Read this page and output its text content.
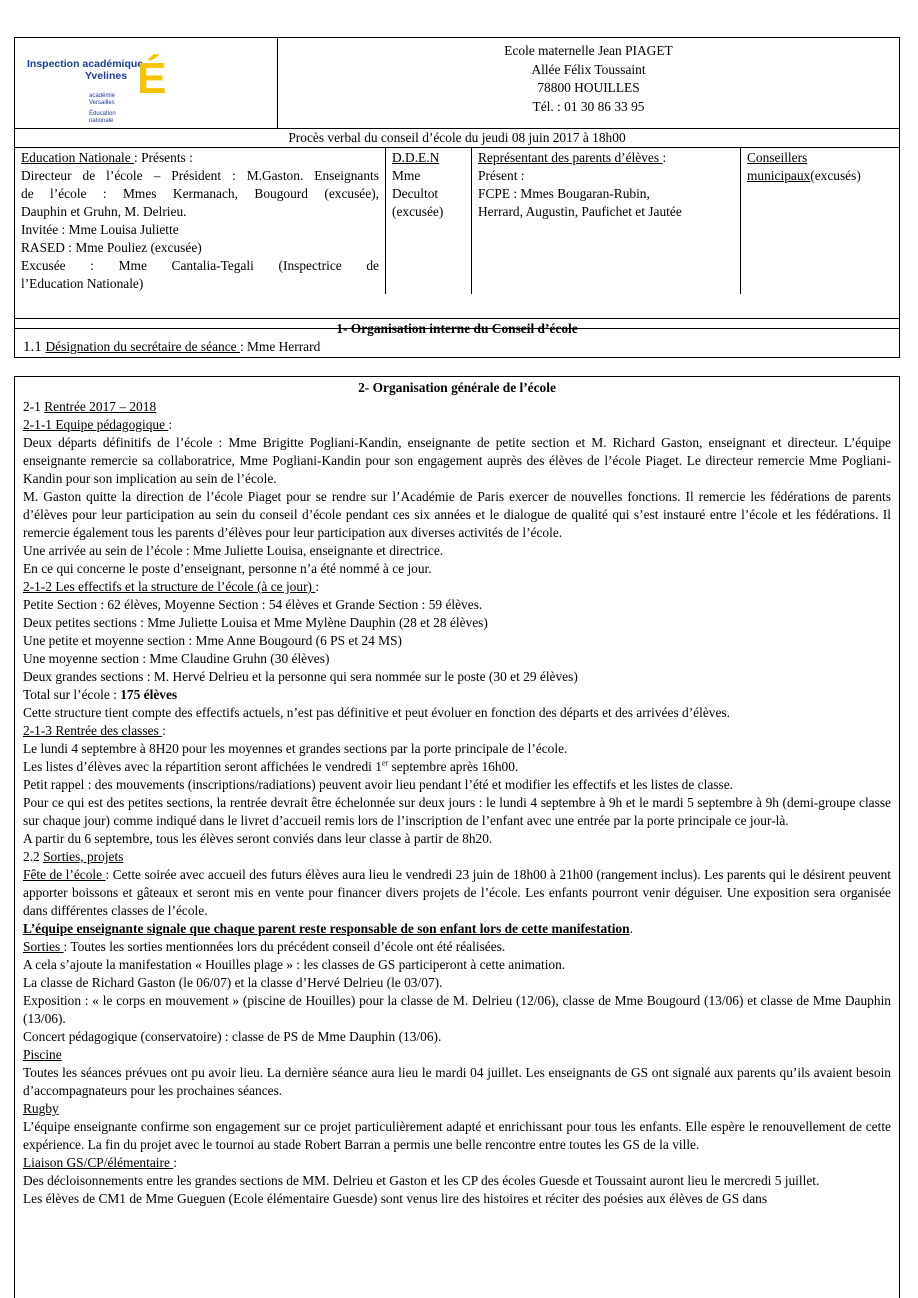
Inspection académique
Yvelines É
académie
Versailles
Éducation
nationale

Ecole maternelle Jean PIAGET
Allée Félix Toussaint
78800 HOUILLES
Tél. : 01 30 86 33 95

Procès verbal du conseil d’école du jeudi 08 juin 2017 à 18h00
Education Nationale : Présents :
Directeur de l’école – Président : M.Gaston. Enseignants
de l’école : Mmes Kermanach, Bougourd (excusée),
Dauphin et Gruhn, M. Delrieu.
Invitée : Mme Louisa Juliette
RASED : Mme Pouliez (excusée)
Excusée : Mme Cantalia-Tegali (Inspectrice de
l’Education Nationale)

D.D.E.N
Mme
Decultot
(excusée)

Représentant des parents d’élèves :
Présent :
FCPE : Mmes Bougaran-Rubin,
Herrard, Augustin, Paufichet et Jautée

Conseillers
municipaux(excusés)
1- Organisation interne du Conseil d’école
1.1 Désignation du secrétaire de séance : Mme Herrard
2- Organisation générale de l’école
2-1 Rentrée 2017 – 2018
2-1-1 Equipe pédagogique :

Deux départs définitifs de l’école : Mme Brigitte Pogliani-Kandin, enseignante de petite section et M. Richard Gaston, enseignant et directeur. L’équipe enseignante remercie sa collaboratrice, Mme Pogliani-Kandin pour son engagement auprès des élèves de l’école Piaget. Le directeur remercie Mme Pogliani-Kandin pour son implication au sein de l’école.

M. Gaston quitte la direction de l’école Piaget pour se rendre sur l’Académie de Paris exercer de nouvelles fonctions. Il remercie les fédérations de parents d’élèves pour leur participation au sein du conseil d’école pendant ces six années et le dialogue de qualité qui s’est instauré entre l’école et les fédérations. Il remercie également tous les parents d’élèves pour leur participation aux diverses activités de l’école.

Une arrivée au sein de l’école : Mme Juliette Louisa, enseignante et directrice.

En ce qui concerne le poste d’enseignant, personne n’a été nommé à ce jour.

2-1-2 Les effectifs et la structure de l’école (à ce jour) :
Petite Section : 62 élèves, Moyenne Section : 54 élèves et Grande Section : 59 élèves.
Deux petites sections : Mme Juliette Louisa et Mme Mylène Dauphin (28 et 28 élèves)
Une petite et moyenne section : Mme Anne Bougourd (6 PS et 24 MS)
Une moyenne section : Mme Claudine Gruhn (30 élèves)
Deux grandes sections : M. Hervé Delrieu et la personne qui sera nommée sur le poste (30 et 29 élèves)
Total sur l’école : 175 élèves
Cette structure tient compte des effectifs actuels, n’est pas définitive et peut évoluer en fonction des départs et des arrivées d’élèves.
2-1-3 Rentrée des classes :
Le lundi 4 septembre à 8H20 pour les moyennes et grandes sections par la porte principale de l’école.
Les listes d’élèves avec la répartition seront affichées le vendredi 1er septembre après 16h00.
Petit rappel : des mouvements (inscriptions/radiations) peuvent avoir lieu pendant l’été et modifier les effectifs et les listes de classe.

Pour ce qui est des petites sections, la rentrée devrait être échelonnée sur deux jours : le lundi 4 septembre à 9h et le mardi 5 septembre à 9h (demi-groupe classe sur chaque jour) comme indiqué dans le livret d’accueil remis lors de l’inscription de l’enfant avec une entrée par la porte principale ce jour-là.

A partir du 6 septembre, tous les élèves seront conviés dans leur classe à partir de 8h20.
2.2 Sorties, projets

Fête de l’école : Cette soirée avec accueil des futurs élèves aura lieu le vendredi 23 juin de 18h00 à 21h00 (rangement inclus). Les parents qui le désirent peuvent apporter boissons et gâteaux et seront mis en vente pour financer divers projets de l’école. Les enfants pourront venir déguiser. Une exposition sera organisée dans différentes classes de l’école.

L’équipe enseignante signale que chaque parent reste responsable de son enfant lors de cette manifestation.
Sorties : Toutes les sorties mentionnées lors du précédent conseil d’école ont été réalisées.
A cela s’ajoute la manifestation « Houilles plage » : les classes de GS participeront à cette animation.
La classe de Richard Gaston (le 06/07) et la classe d’Hervé Delrieu (le 03/07).

Exposition : « le corps en mouvement » (piscine de Houilles) pour la classe de M. Delrieu (12/06), classe de Mme Bougourd (13/06) et classe de Mme Dauphin (13/06).

Concert pédagogique (conservatoire) : classe de PS de Mme Dauphin (13/06).
Piscine

Toutes les séances prévues ont pu avoir lieu. La dernière séance aura lieu le mardi 04 juillet. Les enseignants de GS ont signalé aux parents qu’ils avaient besoin d’accompagnateurs pour les prochaines séances.

Rugby

L’équipe enseignante confirme son engagement sur ce projet particulièrement adapté et enrichissant pour tous les enfants. Elle espère le renouvellement de cette expérience. La fin du projet avec le tournoi au stade Robert Barran a permis une belle rencontre entre toutes les GS de la ville.

Liaison GS/CP/élémentaire :

Des décloisonnements entre les grandes sections de MM. Delrieu et Gaston et les CP des écoles Guesde et Toussaint auront lieu le mercredi 5 juillet.

Les élèves de CM1 de Mme Gueguen (Ecole élémentaire Guesde) sont venus lire des histoires et réciter des poésies aux élèves de GS dans
